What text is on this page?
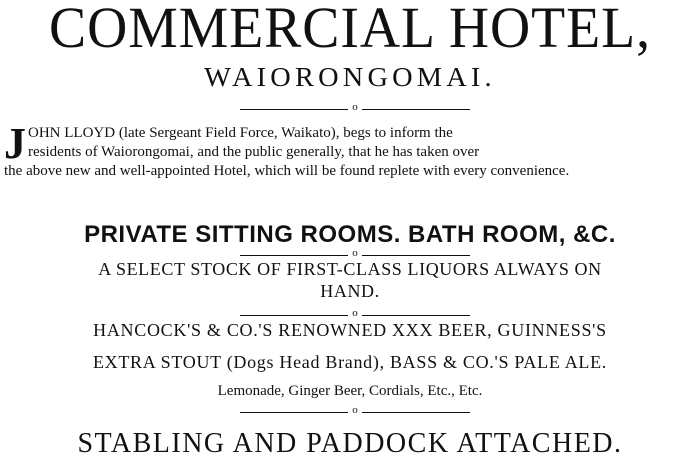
COMMERCIAL HOTEL,
WAIORONGOMAI.
o
J OHN LLOYD (late Sergeant Field Force, Waikato), begs to inform the
residents of Waiorongomai, and the public generally, that he has taken over
the above new and well-appointed Hotel, which will be found replete with every convenience.
PRIVATE SITTING ROOMS. BATH ROOM, &C.
o
A SELECT STOCK OF FIRST-CLASS LIQUORS ALWAYS ON
HAND.
o
HANCOCK'S & CO.'S RENOWNED XXX BEER, GUINNESS'S
EXTRA STOUT (Dogs Head Brand), BASS & CO.'S PALE ALE.
Lemonade, Ginger Beer, Cordials, Etc., Etc.
o
STABLING AND PADDOCK ATTACHED.
